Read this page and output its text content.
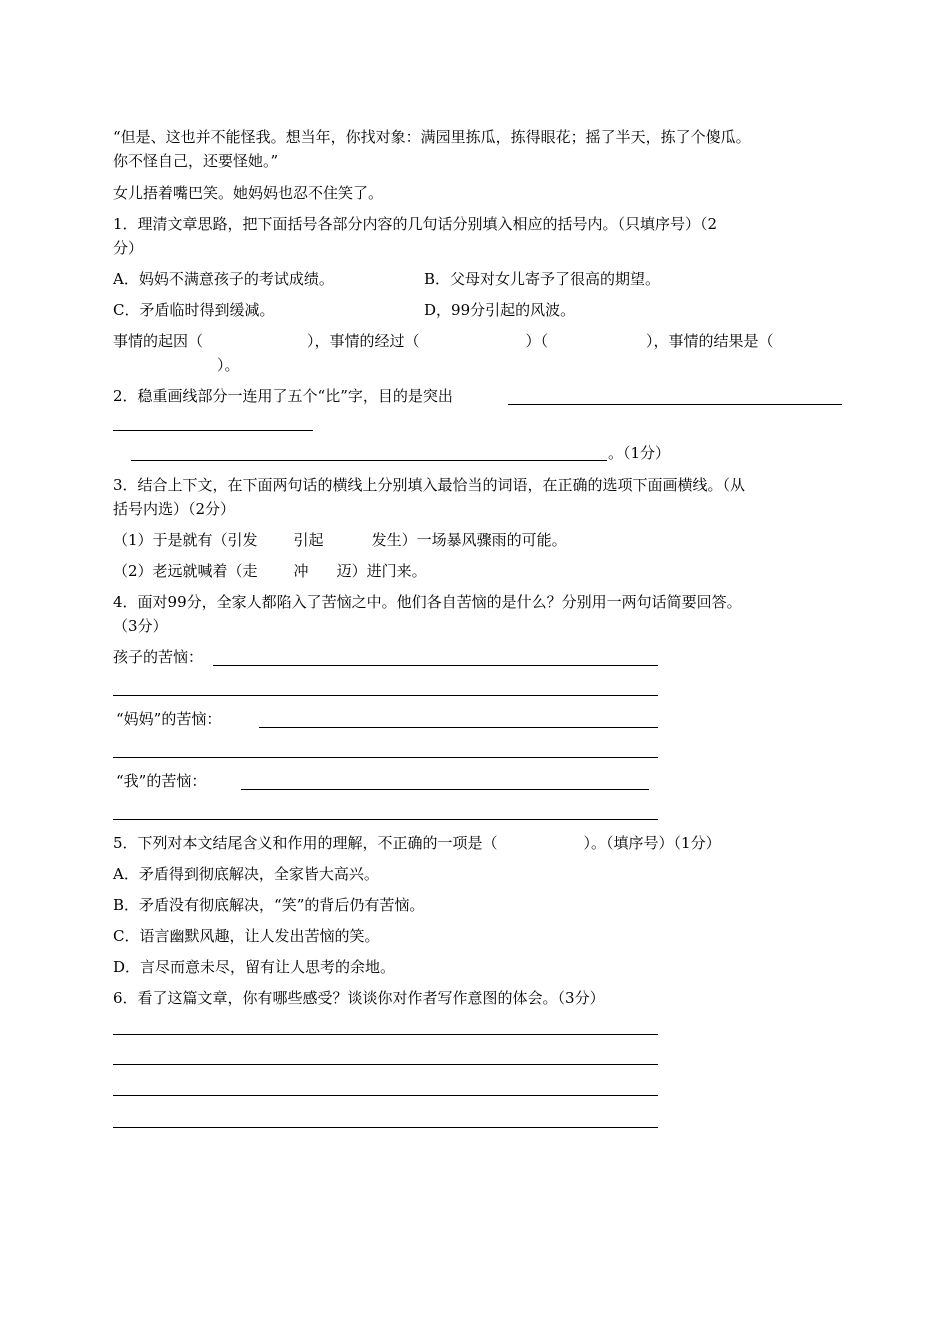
“但是、这也并不能怪我。想当年，你找对象：满园里拣瓜，拣得眼花；摇了半天，拣了个傻瓜。
你不怪自己，还要怪她。”
女儿捂着嘴巴笑。她妈妈也忍不住笑了。
1．理清文章思路，把下面括号各部分内容的几句话分别填入相应的括号内。（只填序号）（2
分）
A．妈妈不满意孩子的考试成绩。	B．父母对女儿寄予了很高的期望。
C．矛盾临时得到缓减。	D，99分引起的风波。
事情的起因（	），事情的经过（	）（	），事情的结果是（
）。
2．稳重画线部分一连用了五个“比”字，目的是突出
。（1分）
3．结合上下文，在下面两句话的横线上分别填入最恰当的词语，在正确的选项下面画横线。（从
括号内选）（2分）
（1）于是就有（引发 引起	发生）一场暴风骤雨的可能。
（2）老远就喊着（走 冲 迈）进门来。
4．面对99分，全家人都陷入了苦恼之中。他们各自苦恼的是什么？分别用一两句话简要回答。
（3分）
孩子的苦恼：
“妈妈”的苦恼：
“我”的苦恼：
5．下列对本文结尾含义和作用的理解，不正确的一项是（	）。（填序号）（1分）
A．矛盾得到彻底解决，全家皆大高兴。
B．矛盾没有彻底解决，“笑”的背后仍有苦恼。
C．语言幽默风趣，让人发出苦恼的笑。
D．言尽而意未尽，留有让人思考的余地。
6．看了这篇文章，你有哪些感受？谈谈你对作者写作意图的体会。（3分）
